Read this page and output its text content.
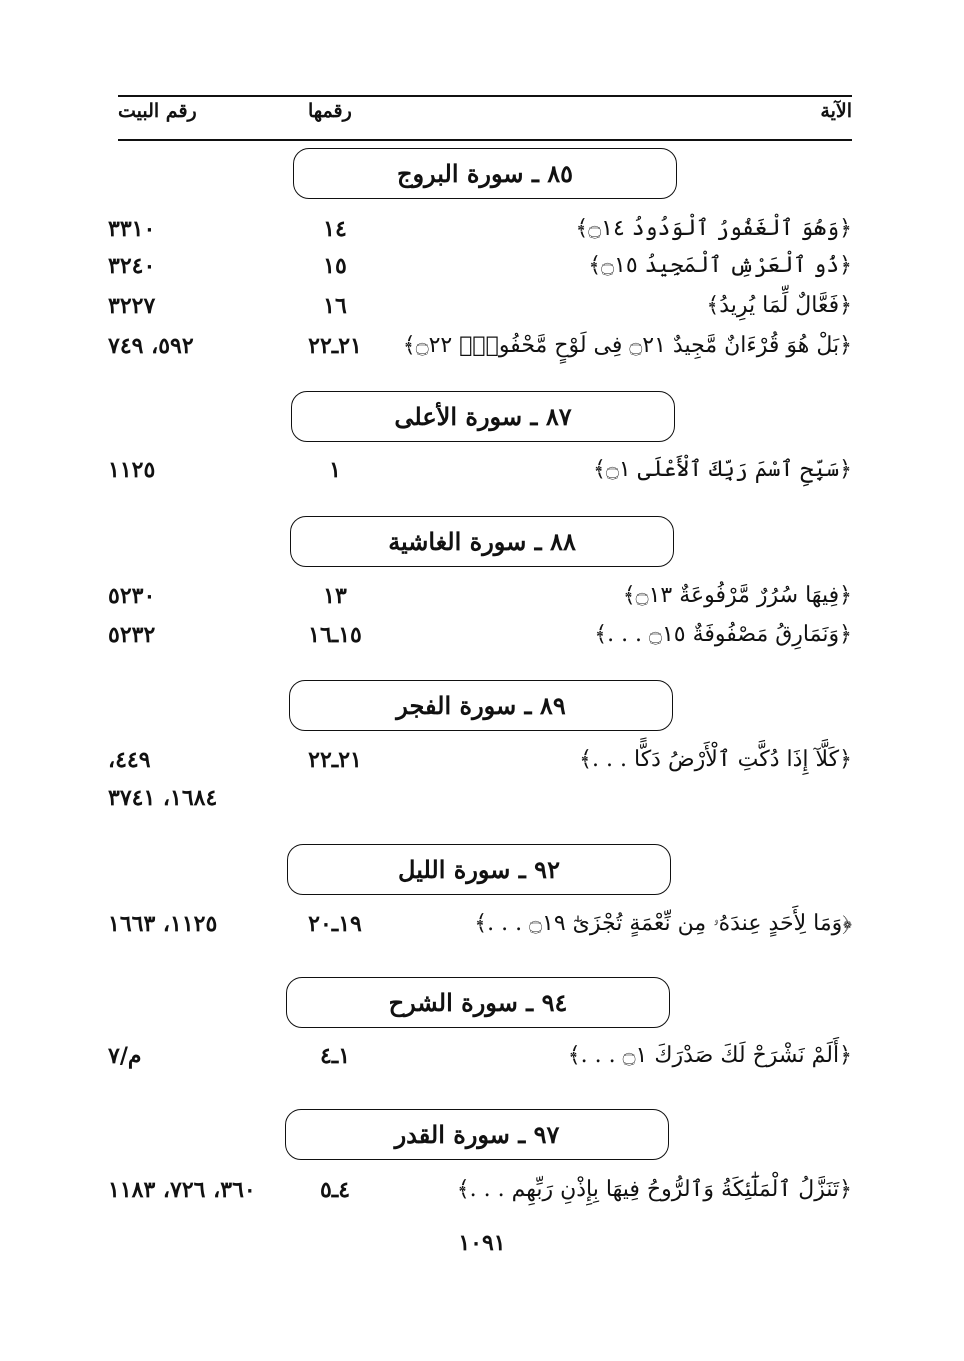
الآية
رقمها
رقم البيت
٨٥ ـ سورة البروج
﴿وَهُوَ ٱلْغَفُورُ ٱلْوَدُودُ ۝١٤﴾
١٤
٣٣١٠
﴿ذُو ٱلْعَرْشِ ٱلْمَجِيدُ ۝١٥﴾
١٥
٣٢٤٠
﴿فَعَّالٌ لِّمَا يُرِيدُ﴾
١٦
٣٢٢٧
﴿بَلْ هُوَ قُرْءَانٌ مَّجِيدٌ ۝٢١ فِى لَوْحٍ مَّحْفُوظٍۭ ۝٢٢﴾
٢١ـ٢٢
٥٩٢، ٧٤٩
٨٧ ـ سورة الأعلى
﴿سَبِّحِ ٱسْمَ رَبِّكَ ٱلْأَعْلَى ۝١﴾
١
١١٢٥
٨٨ ـ سورة الغاشية
﴿فِيهَا سُرُرٌ مَّرْفُوعَةٌ ۝١٣﴾
١٣
٥٢٣٠
﴿وَنَمَارِقُ مَصْفُوفَةٌ ۝١٥ . . .﴾
١٥ـ١٦
٥٢٣٢
٨٩ ـ سورة الفجر
﴿كَلَّآ إِذَا دُكَّتِ ٱلْأَرْضُ دَكًّا . . .﴾
٢١ـ٢٢
٤٤٩،
١٦٨٤، ٣٧٤١
٩٢ ـ سورة الليل
﴿وَمَا لِأَحَدٍ عِندَهُۥ مِن نِّعْمَةٍ تُجْزَىٰٓ ۝١٩ . . .﴾
١٩ـ٢٠
١١٢٥، ١٦٦٣
٩٤ ـ سورة الشرح
﴿أَلَمْ نَشْرَحْ لَكَ صَدْرَكَ ۝١ . . .﴾
١ـ٤
م/٧
٩٧ ـ سورة القدر
﴿تَنَزَّلُ ٱلْمَلَٰٓئِكَةُ وَٱلرُّوحُ فِيهَا بِإِذْنِ رَبِّهِم . . .﴾
٤ـ٥
٣٦٠، ٧٢٦، ١١٨٣
١٠٩١
